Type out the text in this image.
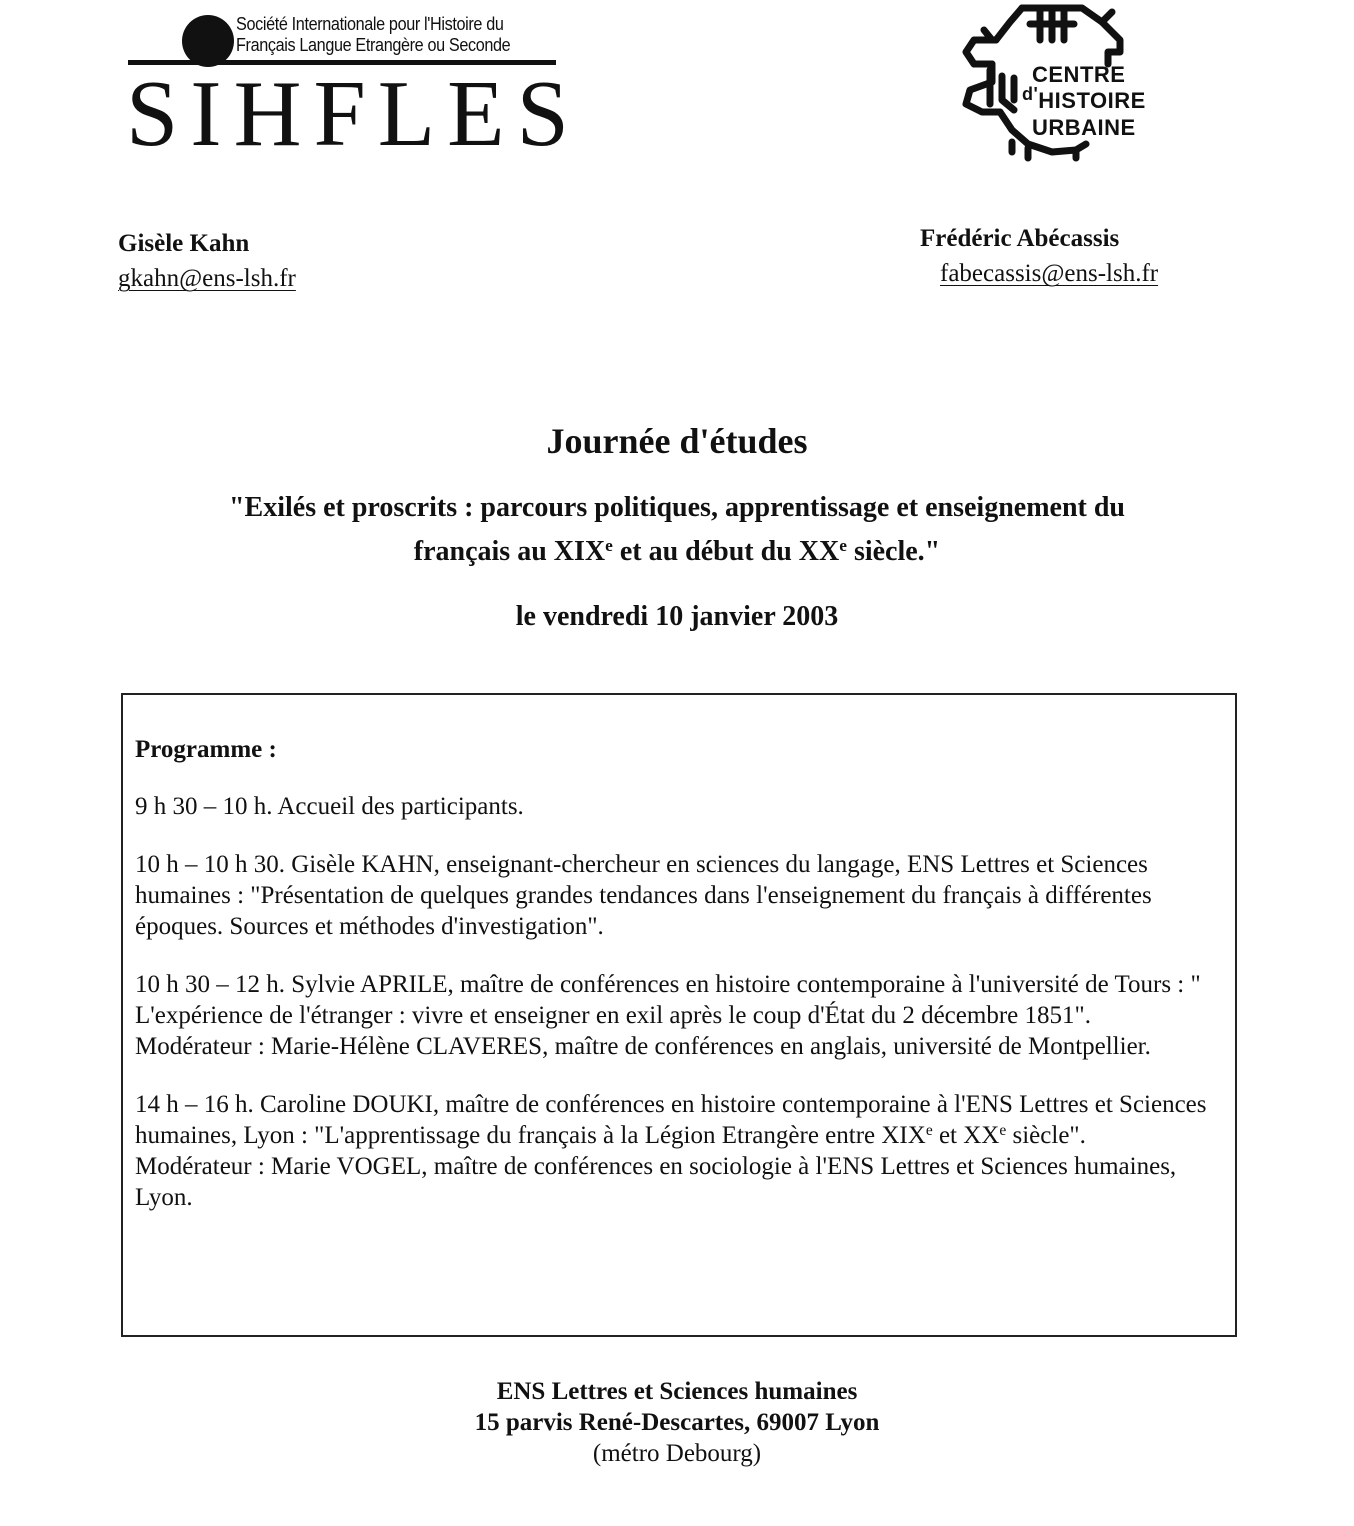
Société Internationale pour l'Histoire du
Français Langue Etrangère ou Seconde
SIHFLES	CENTRE
$^{d'}$HISTOIRE
URBAINE
Gisèle Kahn
gkahn@ens-lsh.fr
Frédéric Abécassis
fabecassis@ens-lsh.fr
Journée d'études
"Exilés et proscrits : parcours politiques, apprentissage et enseignement du
français au XIXe et au début du XXe siècle."
le vendredi 10 janvier 2003
Programme :
9 h 30 – 10 h. Accueil des participants.
10 h – 10 h 30. Gisèle KAHN, enseignant-chercheur en sciences du langage, ENS Lettres et Sciences humaines : "Présentation de quelques grandes tendances dans l'enseignement du français à différentes époques. Sources et méthodes d'investigation".
10 h 30 – 12 h. Sylvie APRILE, maître de conférences en histoire contemporaine à l'université de Tours : " L'expérience de l'étranger : vivre et enseigner en exil après le coup d'État du 2 décembre 1851".
Modérateur : Marie-Hélène CLAVERES, maître de conférences en anglais, université de Montpellier.
14 h – 16 h. Caroline DOUKI, maître de conférences en histoire contemporaine à l'ENS Lettres et Sciences humaines, Lyon : "L'apprentissage du français à la Légion Etrangère entre XIXe et XXe siècle".
Modérateur : Marie VOGEL, maître de conférences en sociologie à l'ENS Lettres et Sciences humaines, Lyon.
ENS Lettres et Sciences humaines
15 parvis René-Descartes, 69007 Lyon
(métro Debourg)
